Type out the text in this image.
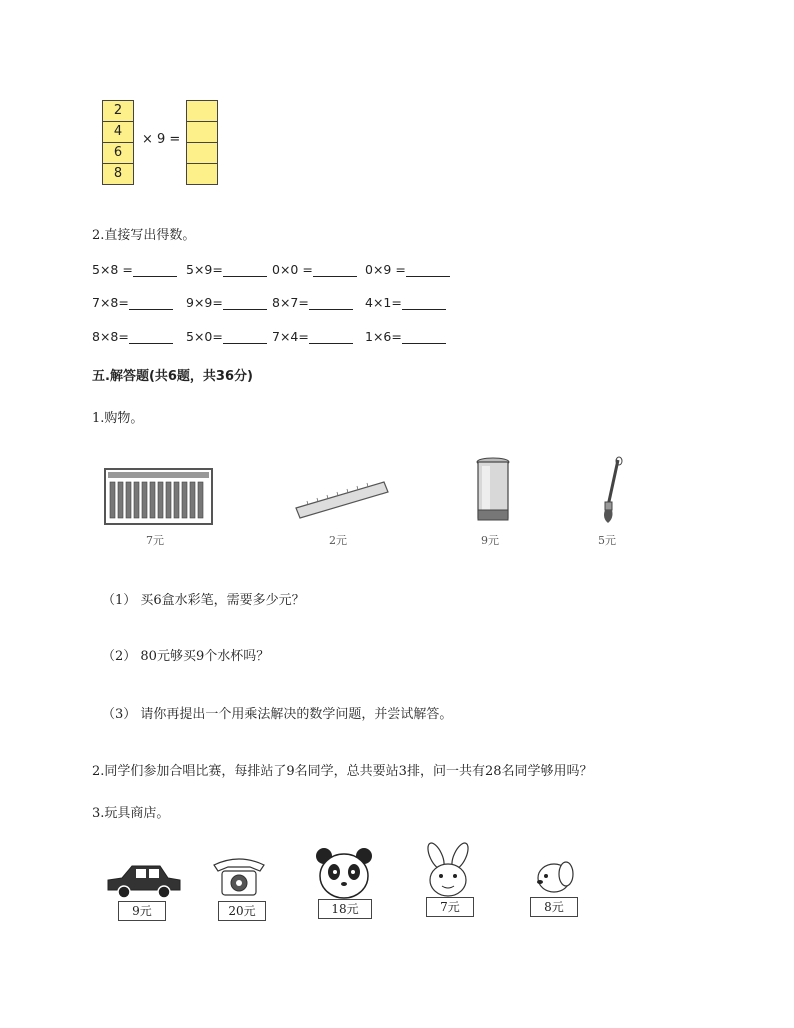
2
4
6
8
× 9 =
2.直接写出得数。
5×8 =	5×9=	0×0 =	0×9 =
7×8=	9×9=	8×7=	4×1=
8×8=	5×0=	7×4=	1×6=
五.解答题(共6题，共36分)
1.购物。
7元	2元	9元	5元
（1） 买6盒水彩笔，需要多少元？
（2） 80元够买9个水杯吗？
（3） 请你再提出一个用乘法解决的数学问题，并尝试解答。
2.同学们参加合唱比赛，每排站了9名同学，总共要站3排，问一共有28名同学够用吗？
3.玩具商店。
9元	20元	18元	7元	8元
